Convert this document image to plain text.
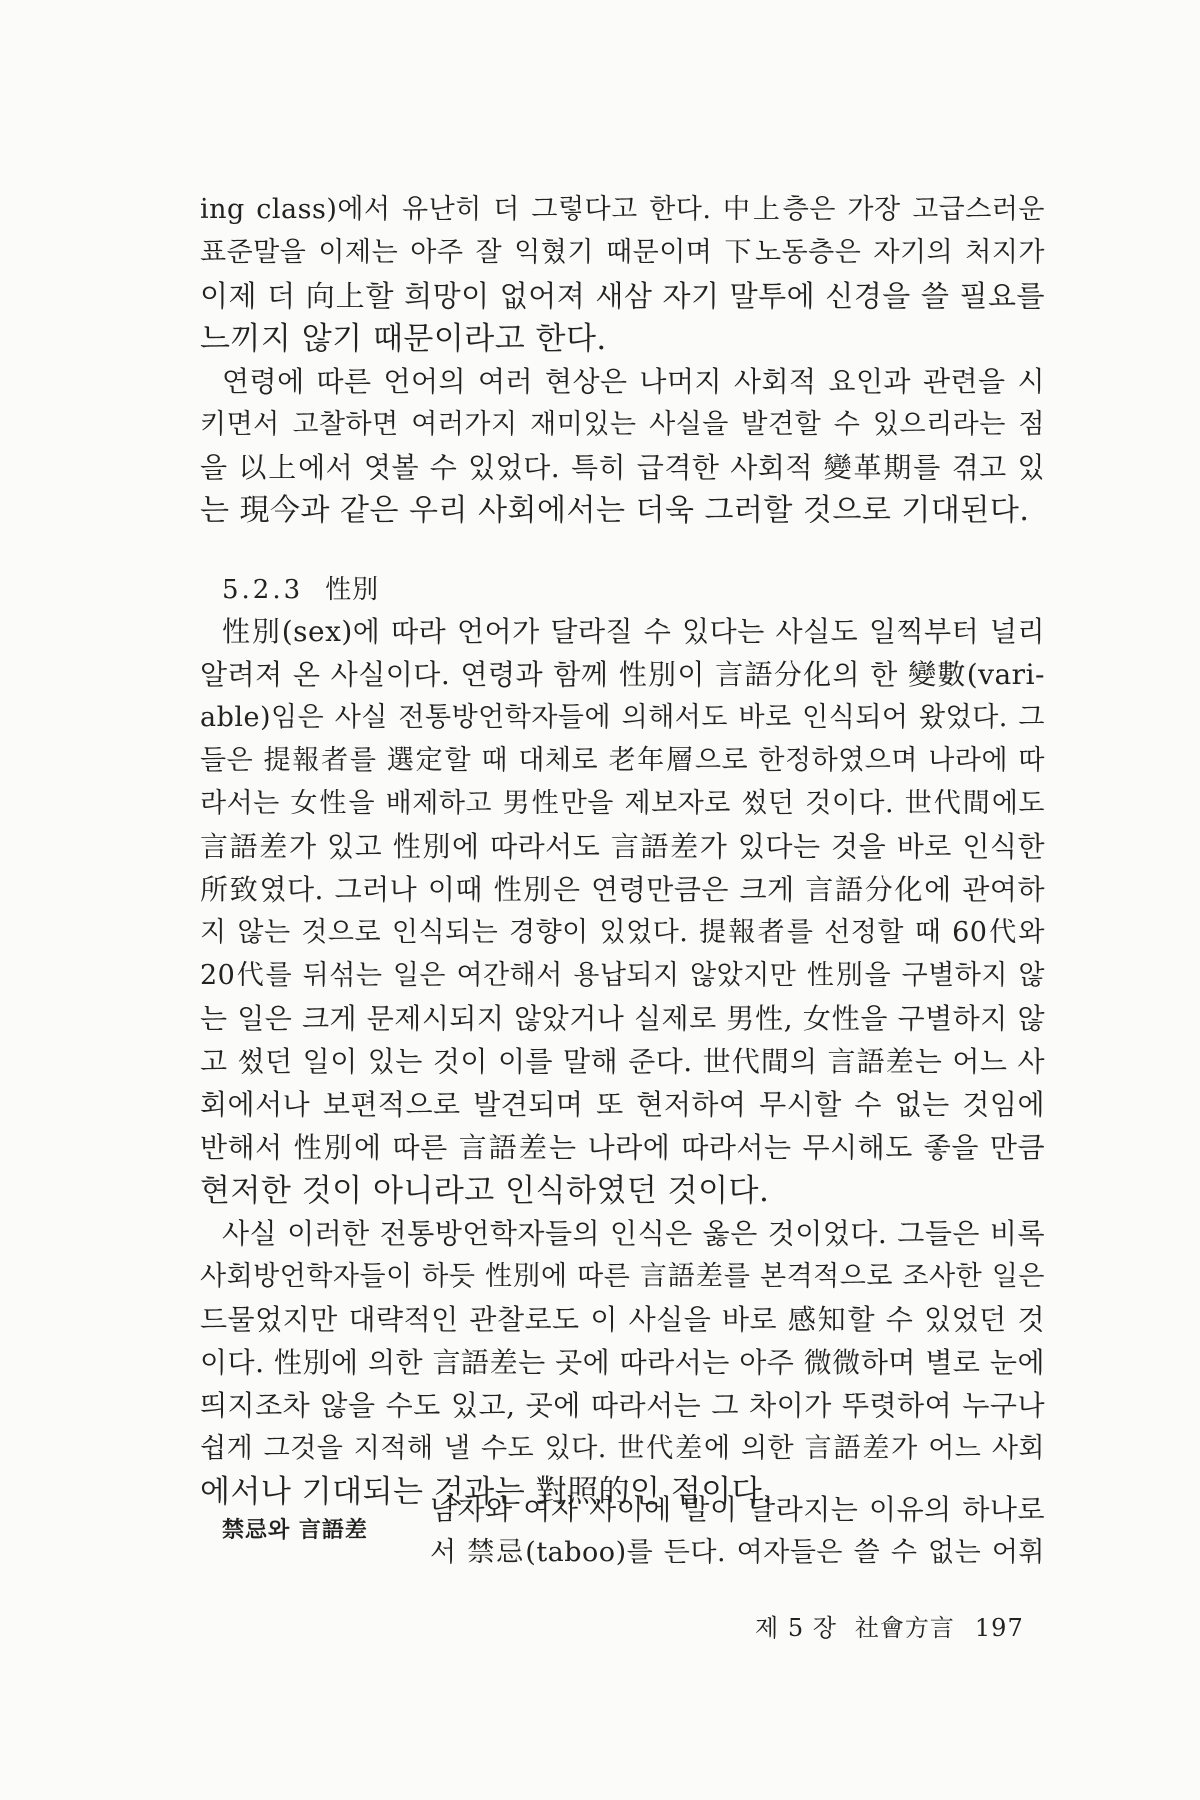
ing class)에서 유난히 더 그렇다고 한다. 中上층은 가장 고급스러운
표준말을 이제는 아주 잘 익혔기 때문이며 下노동층은 자기의 처지가
이제 더 向上할 희망이 없어져 새삼 자기 말투에 신경을 쓸 필요를
느끼지 않기 때문이라고 한다.
연령에 따른 언어의 여러 현상은 나머지 사회적 요인과 관련을 시
키면서 고찰하면 여러가지 재미있는 사실을 발견할 수 있으리라는 점
을 以上에서 엿볼 수 있었다. 특히 급격한 사회적 變革期를 겪고 있
는 現今과 같은 우리 사회에서는 더욱 그러할 것으로 기대된다.
5.2.3 性別
性別(sex)에 따라 언어가 달라질 수 있다는 사실도 일찍부터 널리
알려져 온 사실이다. 연령과 함께 性別이 言語分化의 한 變數(vari-
able)임은 사실 전통방언학자들에 의해서도 바로 인식되어 왔었다. 그
들은 提報者를 選定할 때 대체로 老年層으로 한정하였으며 나라에 따
라서는 女性을 배제하고 男性만을 제보자로 썼던 것이다. 世代間에도
言語差가 있고 性別에 따라서도 言語差가 있다는 것을 바로 인식한
所致였다. 그러나 이때 性別은 연령만큼은 크게 言語分化에 관여하
지 않는 것으로 인식되는 경향이 있었다. 提報者를 선정할 때 60代와
20代를 뒤섞는 일은 여간해서 용납되지 않았지만 性別을 구별하지 않
는 일은 크게 문제시되지 않았거나 실제로 男性, 女性을 구별하지 않
고 썼던 일이 있는 것이 이를 말해 준다. 世代間의 言語差는 어느 사
회에서나 보편적으로 발견되며 또 현저하여 무시할 수 없는 것임에
반해서 性別에 따른 言語差는 나라에 따라서는 무시해도 좋을 만큼
현저한 것이 아니라고 인식하였던 것이다.
사실 이러한 전통방언학자들의 인식은 옳은 것이었다. 그들은 비록
사회방언학자들이 하듯 性別에 따른 言語差를 본격적으로 조사한 일은
드물었지만 대략적인 관찰로도 이 사실을 바로 感知할 수 있었던 것
이다. 性別에 의한 言語差는 곳에 따라서는 아주 微微하며 별로 눈에
띄지조차 않을 수도 있고, 곳에 따라서는 그 차이가 뚜렷하여 누구나
쉽게 그것을 지적해 낼 수도 있다. 世代差에 의한 言語差가 어느 사회
에서나 기대되는 것과는 對照的인 점이다.
禁忌와 言語差
남자와 여자 사이에 말이 달라지는 이유의 하나로
서 禁忌(taboo)를 든다. 여자들은 쓸 수 없는 어휘
제 5 장 社會方言 197
